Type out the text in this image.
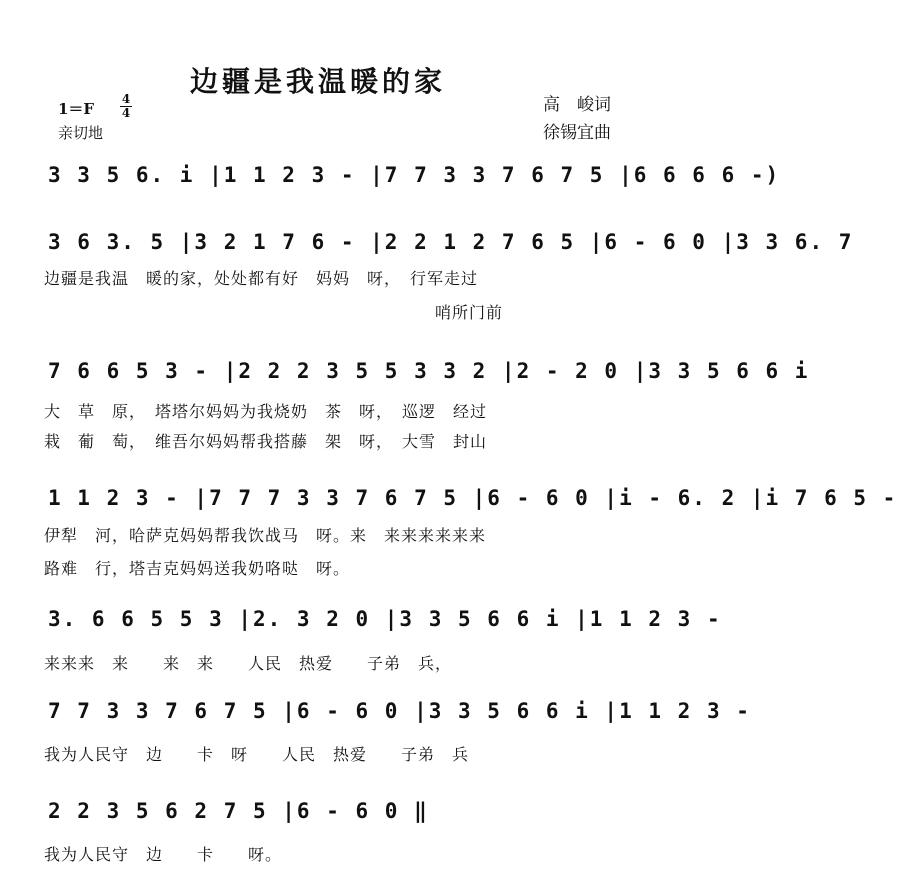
边疆是我温暖的家
高　峻词
徐锡宜曲
1＝F
4
4
亲切地
3 3 5 6. i |1 1 2 3 - |7 7 3 3 7 6 7 5 |6 6 6 6 -)
3 6 3. 5 |3 2 1 7 6 - |2 2 1 2 7 6 5 |6 - 6 0 |3 3 6. 7
边疆是我温　暖的家，处处都有好　妈妈　呀，　行军走过
　　　　　　　　　　　　　　　　　　　　　　　哨所门前
7 6 6 5 3 - |2 2 2 3 5 5 3 3 2 |2 - 2 0 |3 3 5 6 6 i
大　草　原，　塔塔尔妈妈为我烧奶　茶　呀，　巡逻　经过
栽　葡　萄，　维吾尔妈妈帮我搭藤　架　呀，　大雪　封山
1 1 2 3 - |7 7 7 3 3 7 6 7 5 |6 - 6 0 |i - 6. 2 |i 7 6 5 -
伊犁　河，哈萨克妈妈帮我饮战马　呀。来　来来来来来来
路难　行，塔吉克妈妈送我奶咯哒　呀。
3. 6 6 5 5 3 |2. 3 2 0 |3 3 5 6 6 i |1 1 2 3 -
来来来　来　　来　来　　人民　热爱　　子弟　兵，
7 7 3 3 7 6 7 5 |6 - 6 0 |3 3 5 6 6 i |1 1 2 3 -
我为人民守　边　　卡　呀　　人民　热爱　　子弟　兵
2 2 3 5 6 2 7 5 |6 - 6 0 ‖
我为人民守　边　　卡　　呀。
